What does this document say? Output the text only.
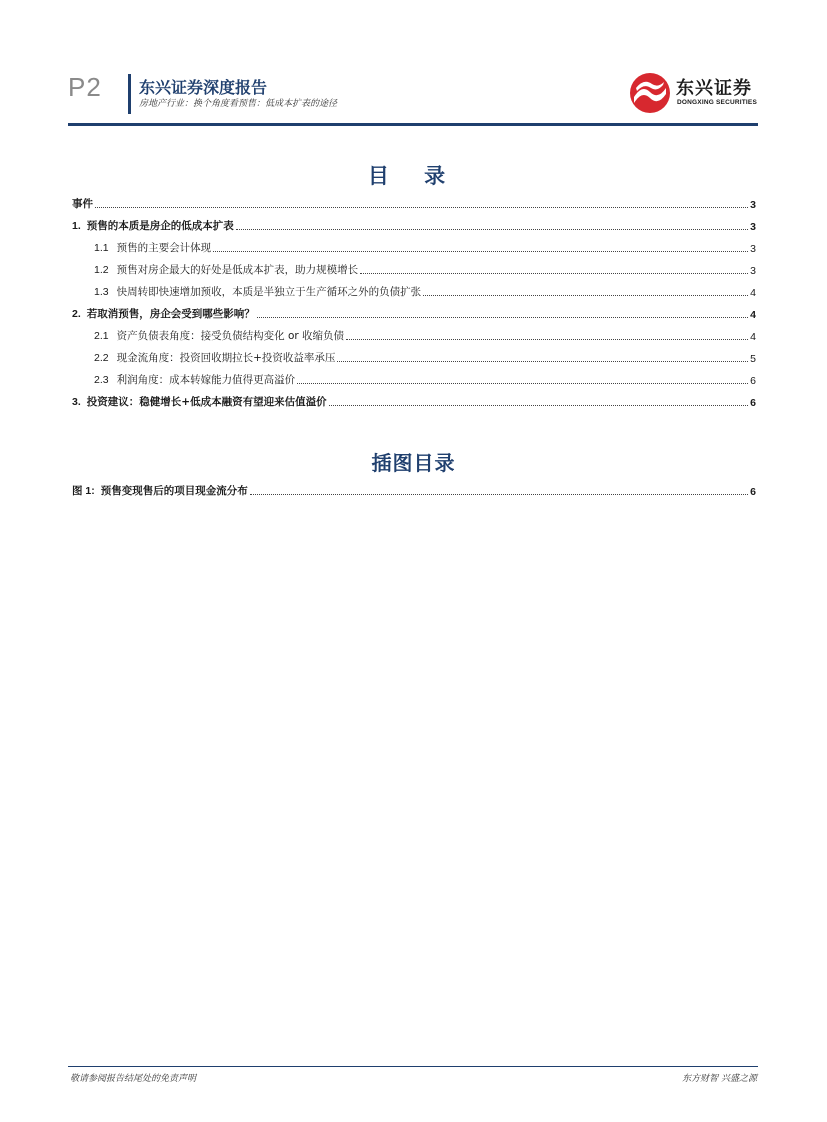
P2 东兴证券深度报告
房地产行业：换个角度看预售：低成本扩表的途径
东兴证券
DONGXING SECURITIES
目 录
事件	3
1. 预售的本质是房企的低成本扩表	3
1.1 预售的主要会计体现	3
1.2 预售对房企最大的好处是低成本扩表，助力规模增长	3
1.3 快周转即快速增加预收，本质是半独立于生产循环之外的负债扩张	4
2. 若取消预售，房企会受到哪些影响？	4
2.1 资产负债表角度：接受负债结构变化 or 收缩负债	4
2.2 现金流角度：投资回收期拉长+投资收益率承压	5
2.3 利润角度：成本转嫁能力值得更高溢价	6
3. 投资建议：稳健增长+低成本融资有望迎来估值溢价	6
插图目录
图 1: 预售变现售后的项目现金流分布	6
敬请参阅报告结尾处的免责声明	东方财智 兴盛之源
